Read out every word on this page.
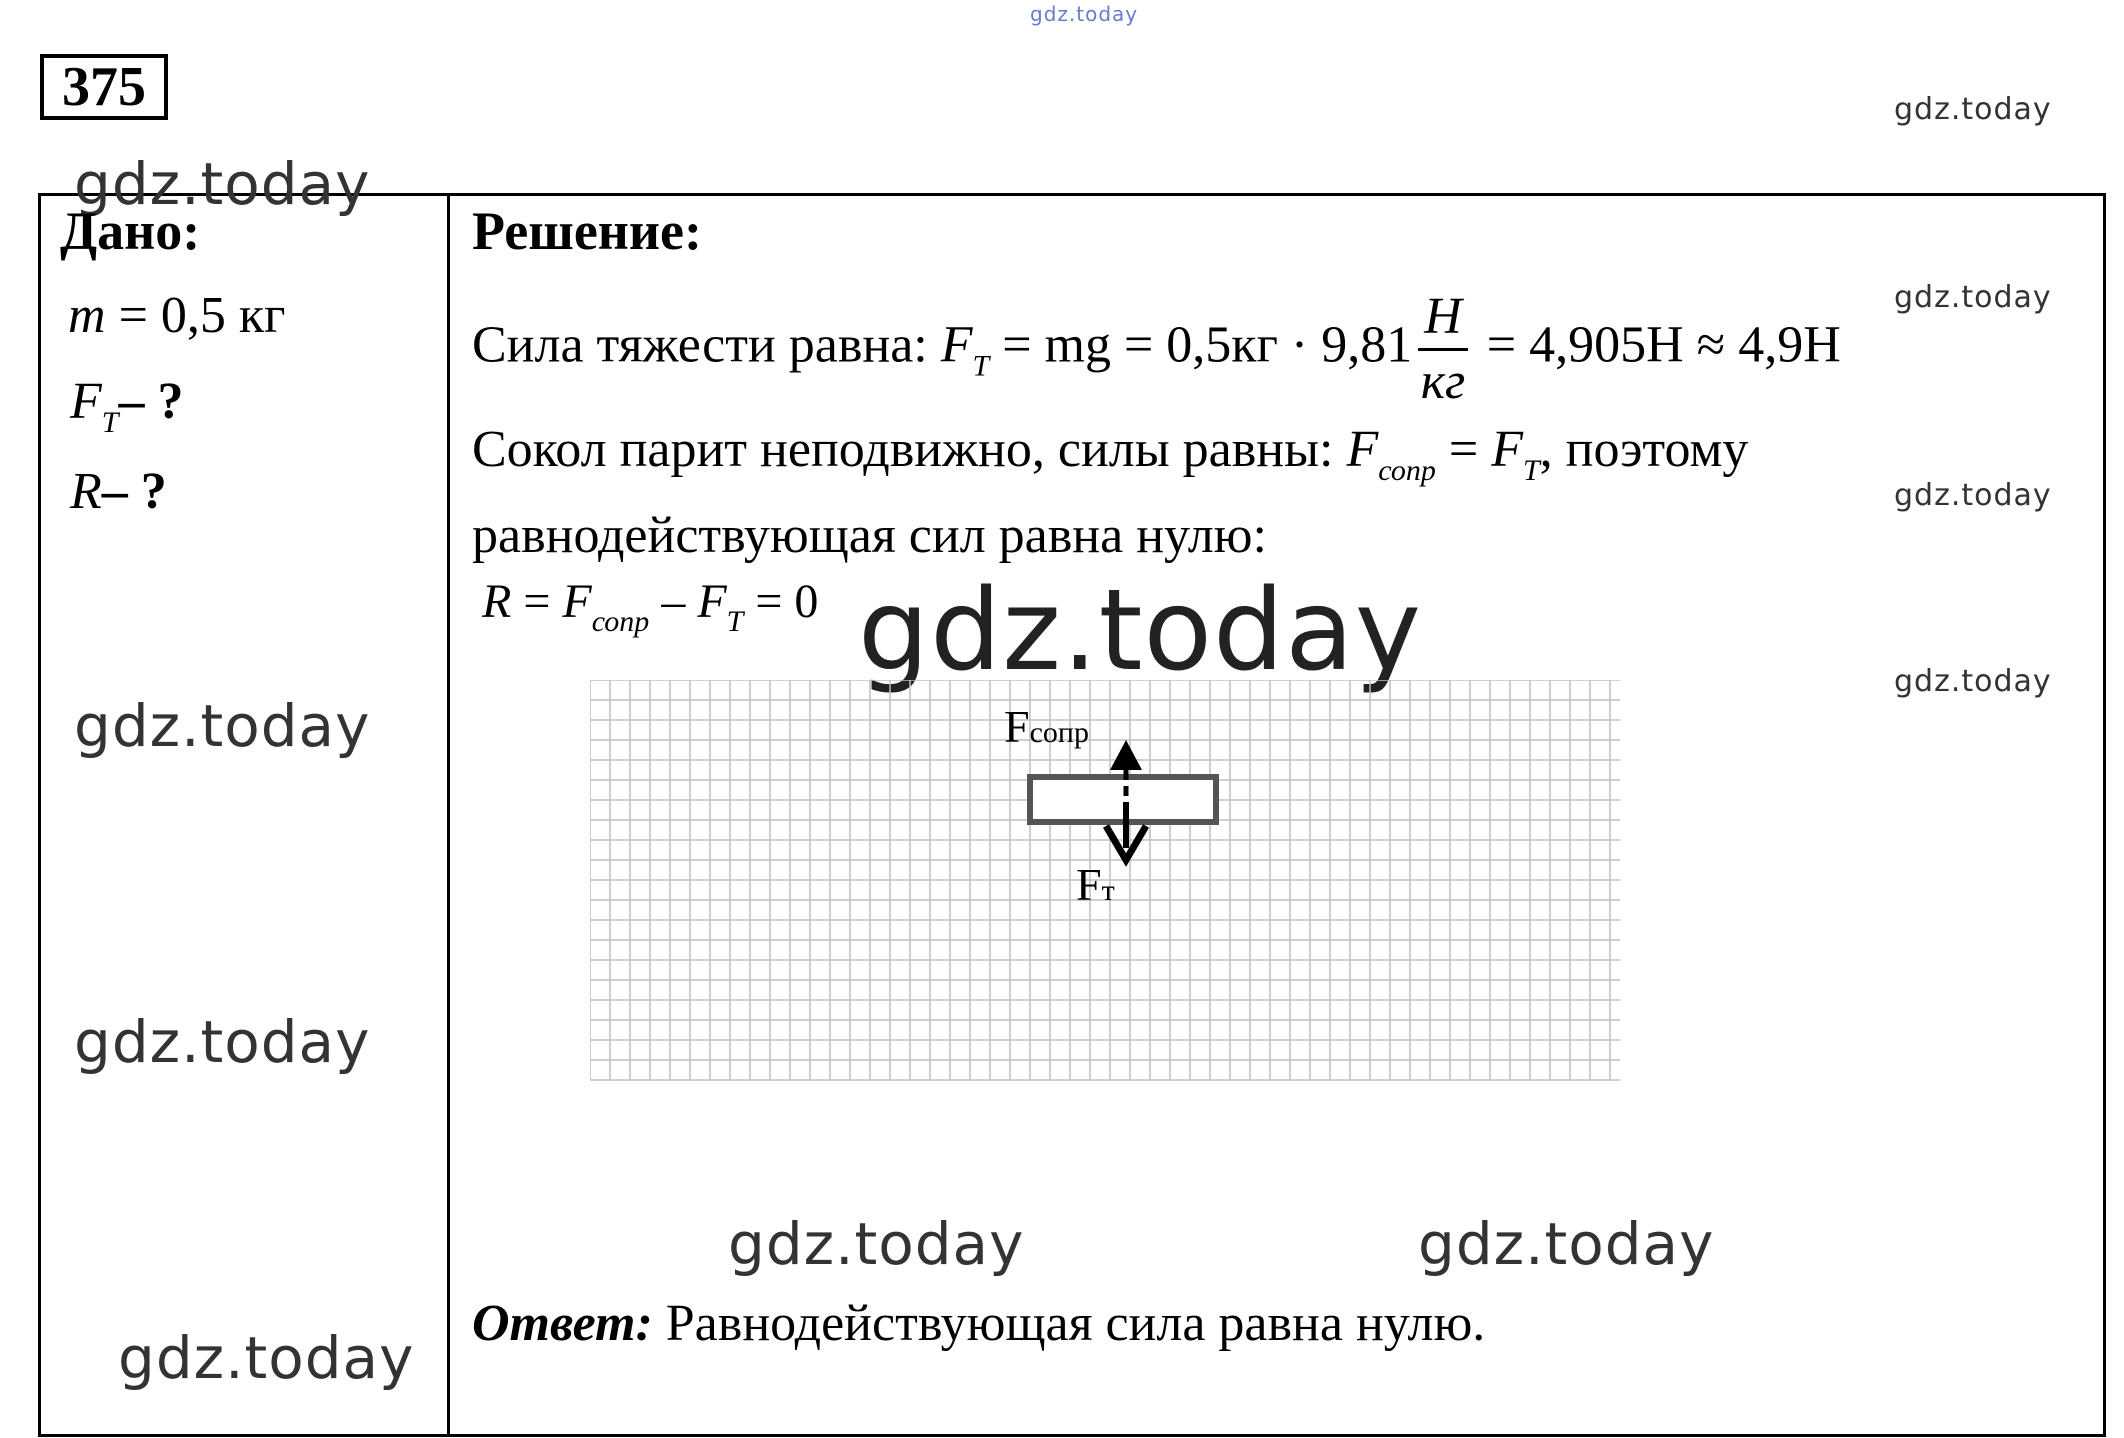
gdz.today
gdz.today
gdz.today
gdz.today
gdz.today
375
gdz.today
Дано:
m = 0,5 кг
$F_T-$ ?
R– ?
gdz.today
gdz.today
gdz.today
Решение:
Сила тяжести равна: $F_T$ = mg = $0,5кг \cdot 9,81 \frac{Н}{кг} = 4,905Н \approx 4,9Н$
Сокол парит неподвижно, силы равны: $F_{сопр} = F_T$, поэтому
равнодействующая сил равна нулю:
$R = F_{сопр} - F_T = 0$ gdz.today
Fсопр
Fт
gdz.today	gdz.today
Ответ: Равнодействующая сила равна нулю.
